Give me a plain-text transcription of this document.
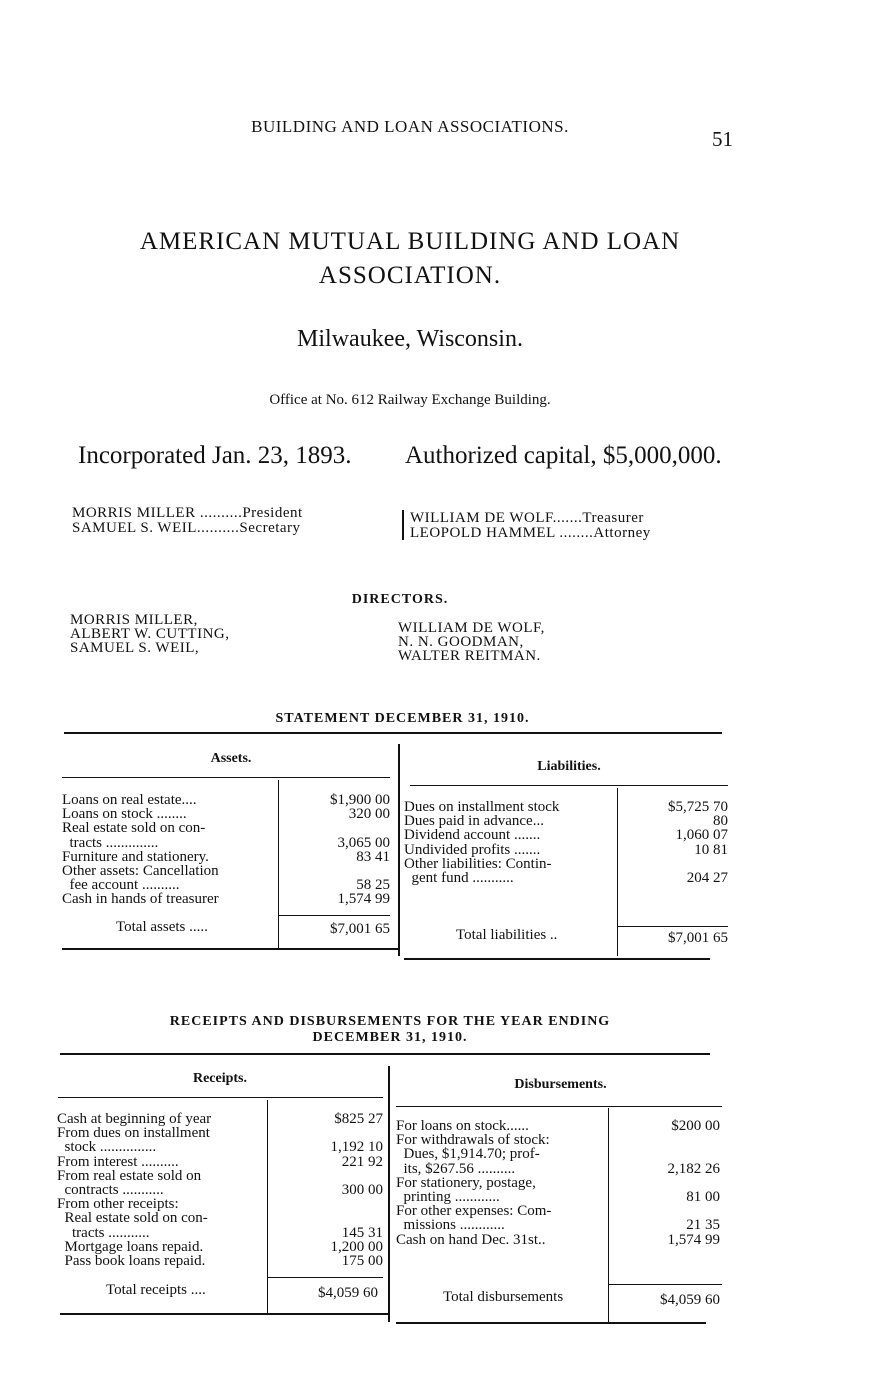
BUILDING AND LOAN ASSOCIATIONS.
51
AMERICAN MUTUAL BUILDING AND LOAN
ASSOCIATION.
Milwaukee, Wisconsin.
Office at No. 612 Railway Exchange Building.
Incorporated Jan. 23, 1893. Authorized capital, $5,000,000.
MORRIS MILLER ..........President
SAMUEL S. WEIL..........Secretary
WILLIAM DE WOLF.......Treasurer
LEOPOLD HAMMEL ........Attorney
DIRECTORS.
MORRIS MILLER,
ALBERT W. CUTTING,
SAMUEL S. WEIL,
WILLIAM DE WOLF,
N. N. GOODMAN,
WALTER REITMAN.
STATEMENT DECEMBER 31, 1910.
Assets.
Liabilities.
Loans on real estate....	$1,900 00
Loans on stock ........	320 00
Real estate sold on con-
tracts ..............	3,065 00
Furniture and stationery.	83 41
Other assets: Cancellation
fee account ..........	58 25
Cash in hands of treasurer	1,574 99
Dues on installment stock	$5,725 70
Dues paid in advance...	80
Dividend account .......	1,060 07
Undivided profits .......	10 81
Other liabilities: Contin-
gent fund ...........	204 27
Total assets .....	$7,001 65	Total liabilities ..	$7,001 65
RECEIPTS AND DISBURSEMENTS FOR THE YEAR ENDING
DECEMBER 31, 1910.
Receipts.	Disbursements.
Cash at beginning of year	$825 27
From dues on installment
stock ...............	1,192 10
From interest ..........	221 92
From real estate sold on
contracts ...........	300 00
From other receipts:
Real estate sold on con-
tracts ...........	145 31
Mortgage loans repaid.	1,200 00
Pass book loans repaid.	175 00
For loans on stock......	$200 00
For withdrawals of stock:
Dues, $1,914.70; prof-
its, $267.56 ..........	2,182 26
For stationery, postage,
printing ............	81 00
For other expenses: Com-
missions ............	21 35
Cash on hand Dec. 31st..	1,574 99
Total receipts ....	$4,059 60	Total disbursements	$4,059 60
